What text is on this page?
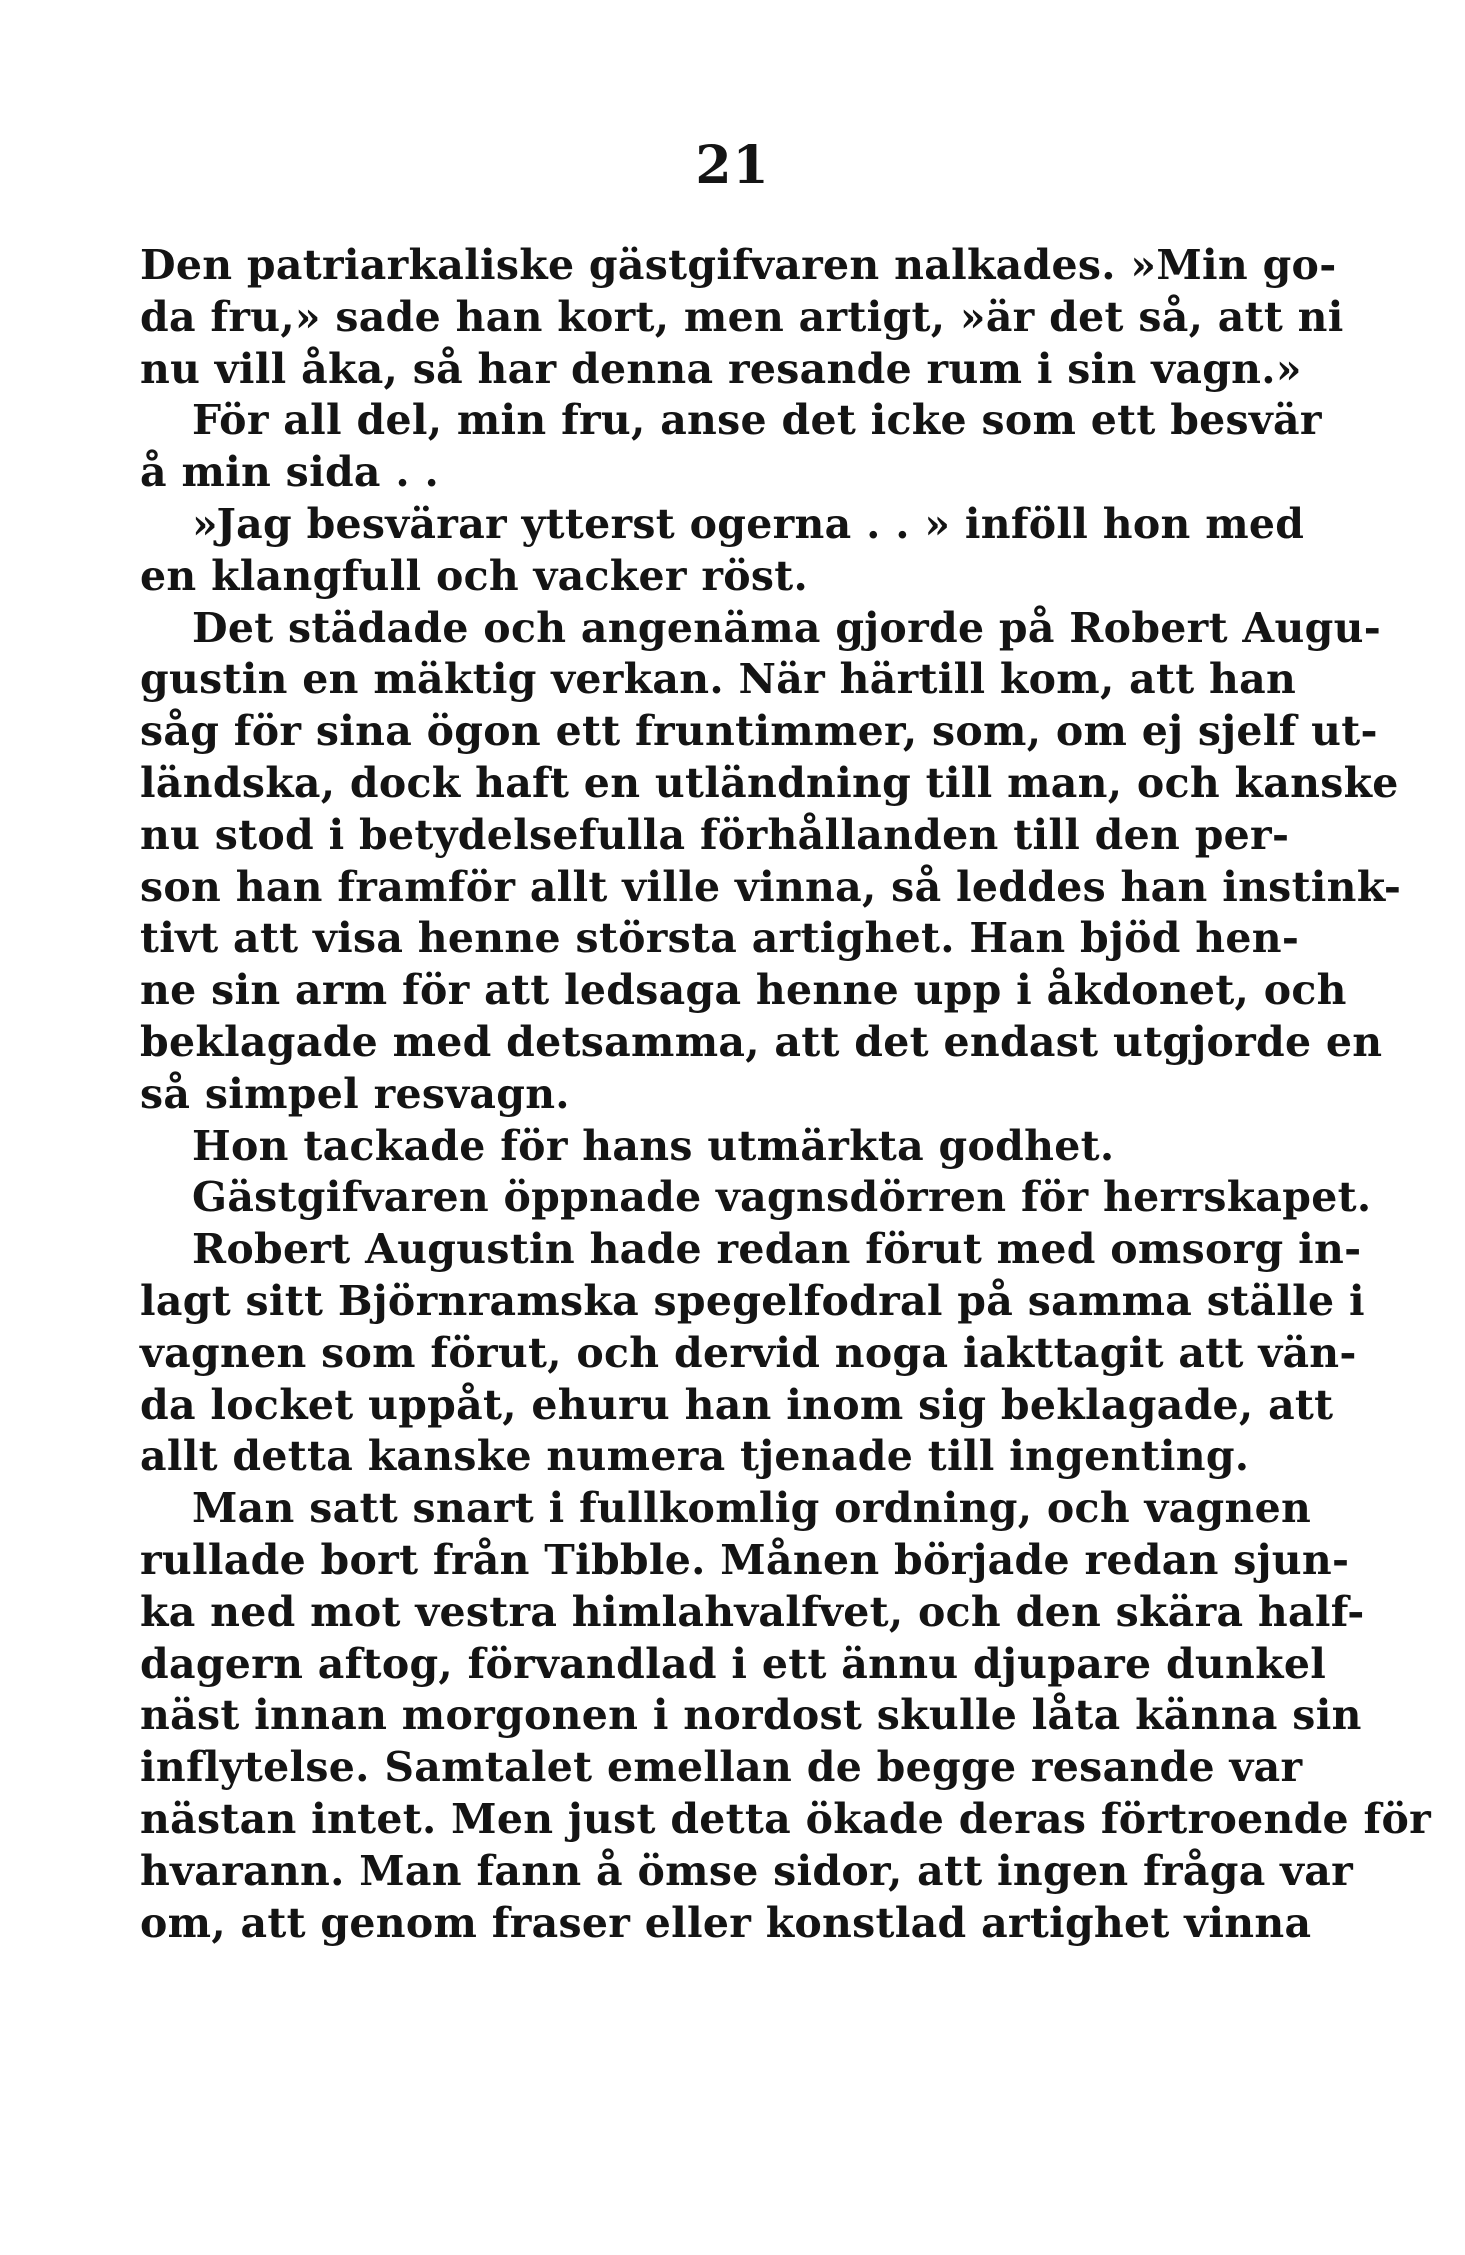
21
Den patriarkaliske gästgifvaren nalkades. »Min go-
da fru,» sade han kort, men artigt, »är det så, att ni
nu vill åka, så har denna resande rum i sin vagn.»
För all del, min fru, anse det icke som ett besvär
å min sida . .
»Jag besvärar ytterst ogerna . . » inföll hon med
en klangfull och vacker röst.
Det städade och angenäma gjorde på Robert Augu-
gustin en mäktig verkan. När härtill kom, att han
såg för sina ögon ett fruntimmer, som, om ej sjelf ut-
ländska, dock haft en utländning till man, och kanske
nu stod i betydelsefulla förhållanden till den per-
son han framför allt ville vinna, så leddes han instink-
tivt att visa henne största artighet. Han bjöd hen-
ne sin arm för att ledsaga henne upp i åkdonet, och
beklagade med detsamma, att det endast utgjorde en
så simpel resvagn.
Hon tackade för hans utmärkta godhet.
Gästgifvaren öppnade vagnsdörren för herrskapet.
Robert Augustin hade redan förut med omsorg in-
lagt sitt Björnramska spegelfodral på samma ställe i
vagnen som förut, och dervid noga iakttagit att vän-
da locket uppåt, ehuru han inom sig beklagade, att
allt detta kanske numera tjenade till ingenting.
Man satt snart i fullkomlig ordning, och vagnen
rullade bort från Tibble. Månen började redan sjun-
ka ned mot vestra himlahvalfvet, och den skära half-
dagern aftog, förvandlad i ett ännu djupare dunkel
näst innan morgonen i nordost skulle låta känna sin
inflytelse. Samtalet emellan de begge resande var
nästan intet. Men just detta ökade deras förtroende för
hvarann. Man fann å ömse sidor, att ingen fråga var
om, att genom fraser eller konstlad artighet vinna
